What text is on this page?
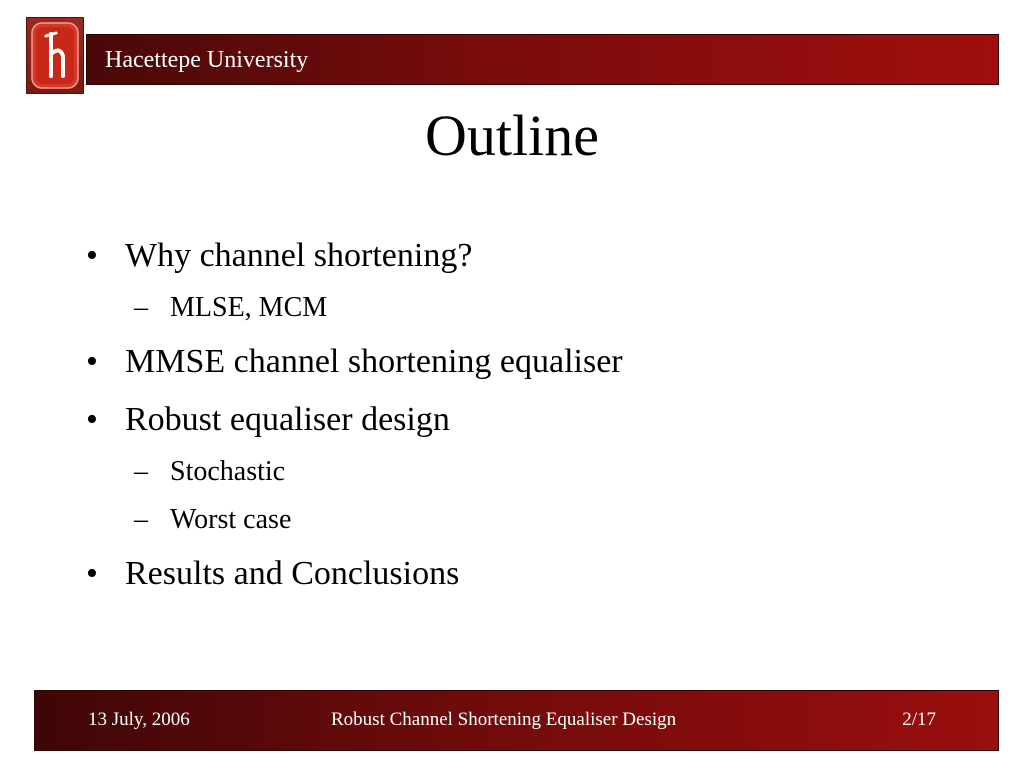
Hacettepe University
Outline
• Why channel shortening?
– MLSE, MCM
• MMSE channel shortening equaliser
• Robust equaliser design
– Stochastic
– Worst case
• Results and Conclusions
13 July, 2006	Robust Channel Shortening Equaliser Design	2/17
